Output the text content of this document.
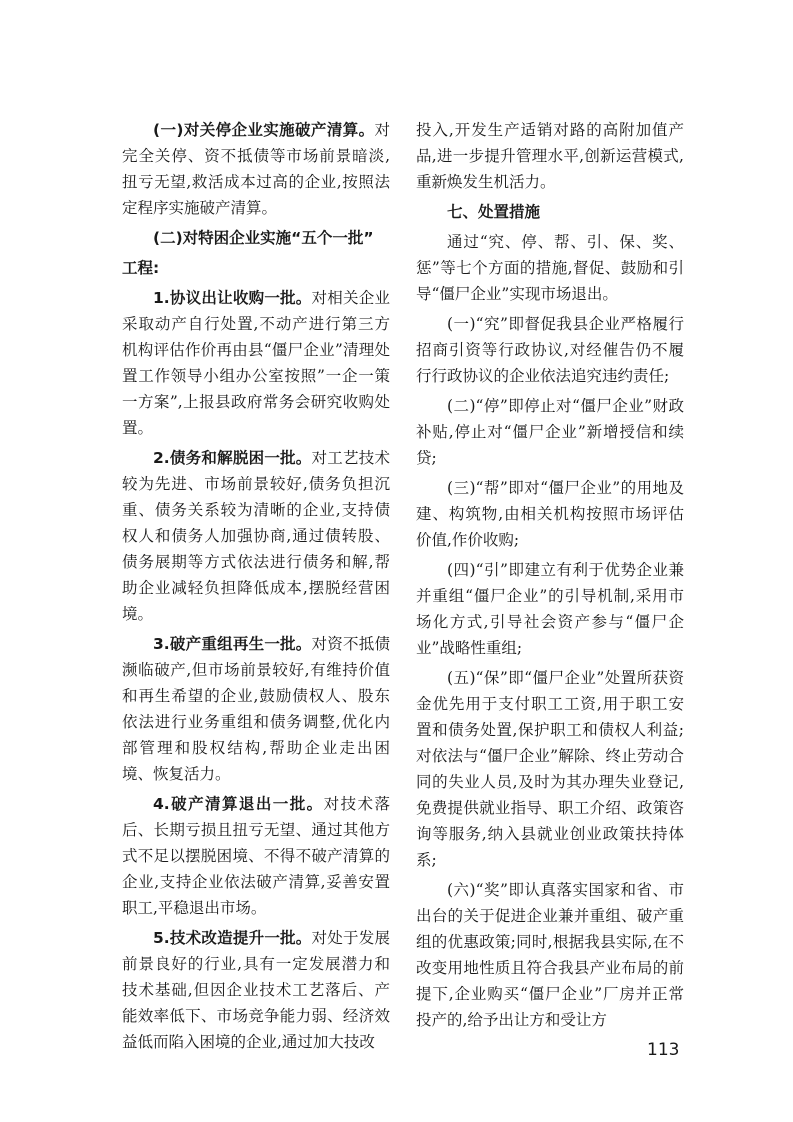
(一)对关停企业实施破产清算。对完全关停、资不抵债等市场前景暗淡,扭亏无望,救活成本过高的企业,按照法定程序实施破产清算。

(二)对特困企业实施“五个一批”

工程:

1.协议出让收购一批。对相关企业采取动产自行处置,不动产进行第三方机构评估作价再由县“僵尸企业”清理处置工作领导小组办公室按照”一企一策一方案”,上报县政府常务会研究收购处置。

2.债务和解脱困一批。对工艺技术较为先进、市场前景较好,债务负担沉重、债务关系较为清晰的企业,支持债权人和债务人加强协商,通过债转股、债务展期等方式依法进行债务和解,帮助企业减轻负担降低成本,摆脱经营困境。

3.破产重组再生一批。对资不抵债濒临破产,但市场前景较好,有维持价值和再生希望的企业,鼓励债权人、股东依法进行业务重组和债务调整,优化内部管理和股权结构,帮助企业走出困境、恢复活力。

4.破产清算退出一批。对技术落后、长期亏损且扭亏无望、通过其他方式不足以摆脱困境、不得不破产清算的企业,支持企业依法破产清算,妥善安置职工,平稳退出市场。

5.技术改造提升一批。对处于发展前景良好的行业,具有一定发展潜力和技术基础,但因企业技术工艺落后、产能效率低下、市场竞争能力弱、经济效益低而陷入困境的企业,通过加大技改

投入,开发生产适销对路的高附加值产品,进一步提升管理水平,创新运营模式,重新焕发生机活力。

七、处置措施

通过“究、停、帮、引、保、奖、惩”等七个方面的措施,督促、鼓励和引导“僵尸企业”实现市场退出。

(一)“究”即督促我县企业严格履行招商引资等行政协议,对经催告仍不履行行政协议的企业依法追究违约责任;

(二)“停”即停止对“僵尸企业”财政补贴,停止对“僵尸企业”新增授信和续贷;

(三)“帮”即对“僵尸企业”的用地及建、构筑物,由相关机构按照市场评估价值,作价收购;

(四)“引”即建立有利于优势企业兼并重组“僵尸企业”的引导机制,采用市场化方式,引导社会资产参与“僵尸企业”战略性重组;

(五)“保”即“僵尸企业”处置所获资金优先用于支付职工工资,用于职工安置和债务处置,保护职工和债权人利益;对依法与“僵尸企业”解除、终止劳动合同的失业人员,及时为其办理失业登记,免费提供就业指导、职工介绍、政策咨询等服务,纳入县就业创业政策扶持体系;

(六)“奖”即认真落实国家和省、市出台的关于促进企业兼并重组、破产重组的优惠政策;同时,根据我县实际,在不改变用地性质且符合我县产业布局的前提下,企业购买“僵尸企业”厂房并正常投产的,给予出让方和受让方

113
